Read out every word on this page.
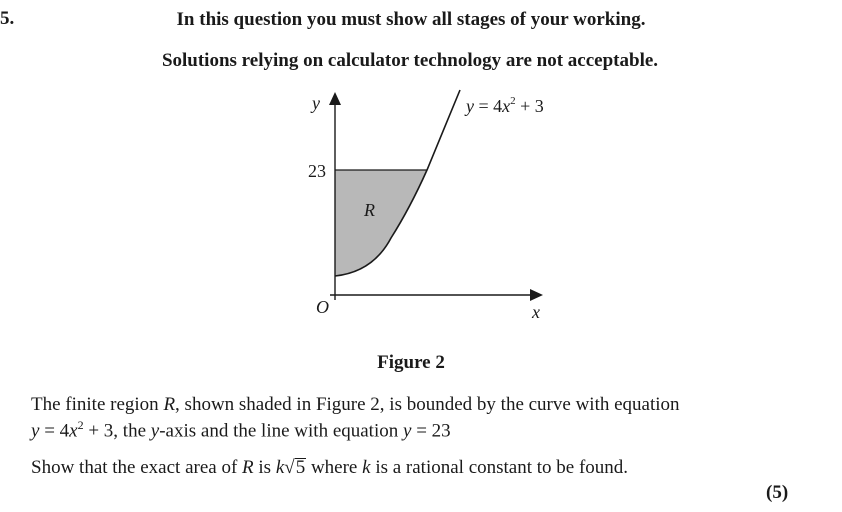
5.	In this question you must show all stages of your working.
Solutions relying on calculator technology are not acceptable.
y
x
O
23
R
$y = 4x^2 + 3$
Figure 2
The finite region R, shown shaded in Figure 2, is bounded by the curve with equation
$y = 4x^2 + 3$, the y-axis and the line with equation y = 23
Show that the exact area of R is k√5 where k is a rational constant to be found.
(5)
